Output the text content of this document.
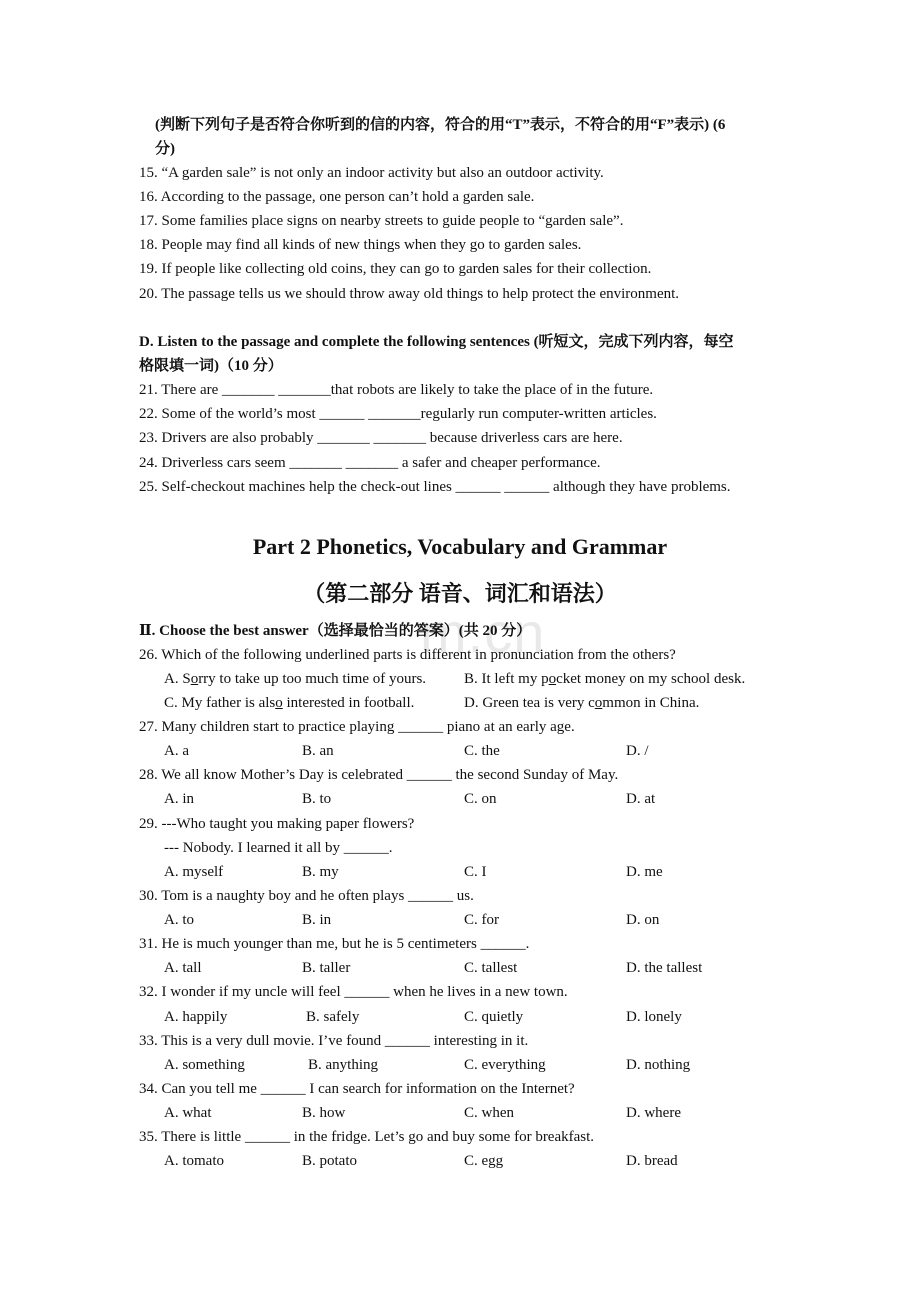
m.cn
(判断下列句子是否符合你听到的信的内容，符合的用“T”表示，不符合的用“F”表示) (6
分)
15. “A garden sale” is not only an indoor activity but also an outdoor activity.
16. According to the passage, one person can’t hold a garden sale.
17. Some families place signs on nearby streets to guide people to “garden sale”.
18. People may find all kinds of new things when they go to garden sales.
19. If people like collecting old coins, they can go to garden sales for their collection.
20. The passage tells us we should throw away old things to help protect the environment.
D. Listen to the passage and complete the following sentences (听短文，完成下列内容，每空
格限填一词)（10 分）
21. There are _______ _______that robots are likely to take the place of in the future.
22. Some of the world’s most ______ _______regularly run computer-written articles.
23. Drivers are also probably _______ _______ because driverless cars are here.
24. Driverless cars seem _______ _______ a safer and cheaper performance.
25. Self-checkout machines help the check-out lines ______ ______ although they have problems.
Part 2 Phonetics, Vocabulary and Grammar
（第二部分 语音、词汇和语法）
Ⅱ. Choose the best answer（选择最恰当的答案）(共 20 分）
26. Which of the following underlined parts is different in pronunciation from the others?
A. Sorry to take up too much time of yours.	B. It left my pocket money on my school desk.
C. My father is also interested in football.	D. Green tea is very common in China.
27. Many children start to practice playing ______ piano at an early age.
A. a	B. an	C. the	D. /
28. We all know Mother’s Day is celebrated ______ the second Sunday of May.
A. in	B. to	C. on	D. at
29. ---Who taught you making paper flowers?
--- Nobody. I learned it all by ______.
A. myself	B. my	C. I	D. me
30. Tom is a naughty boy and he often plays ______ us.
A. to	B. in	C. for	D. on
31. He is much younger than me, but he is 5 centimeters ______.
A. tall	B. taller	C. tallest	D. the tallest
32. I wonder if my uncle will feel ______ when he lives in a new town.
A. happily	B. safely	C. quietly	D. lonely
33. This is a very dull movie. I’ve found ______ interesting in it.
A. something	B. anything	C. everything	D. nothing
34. Can you tell me ______ I can search for information on the Internet?
A. what	B. how	C. when	D. where
35. There is little ______ in the fridge. Let’s go and buy some for breakfast.
A. tomato	B. potato	C. egg	D. bread
